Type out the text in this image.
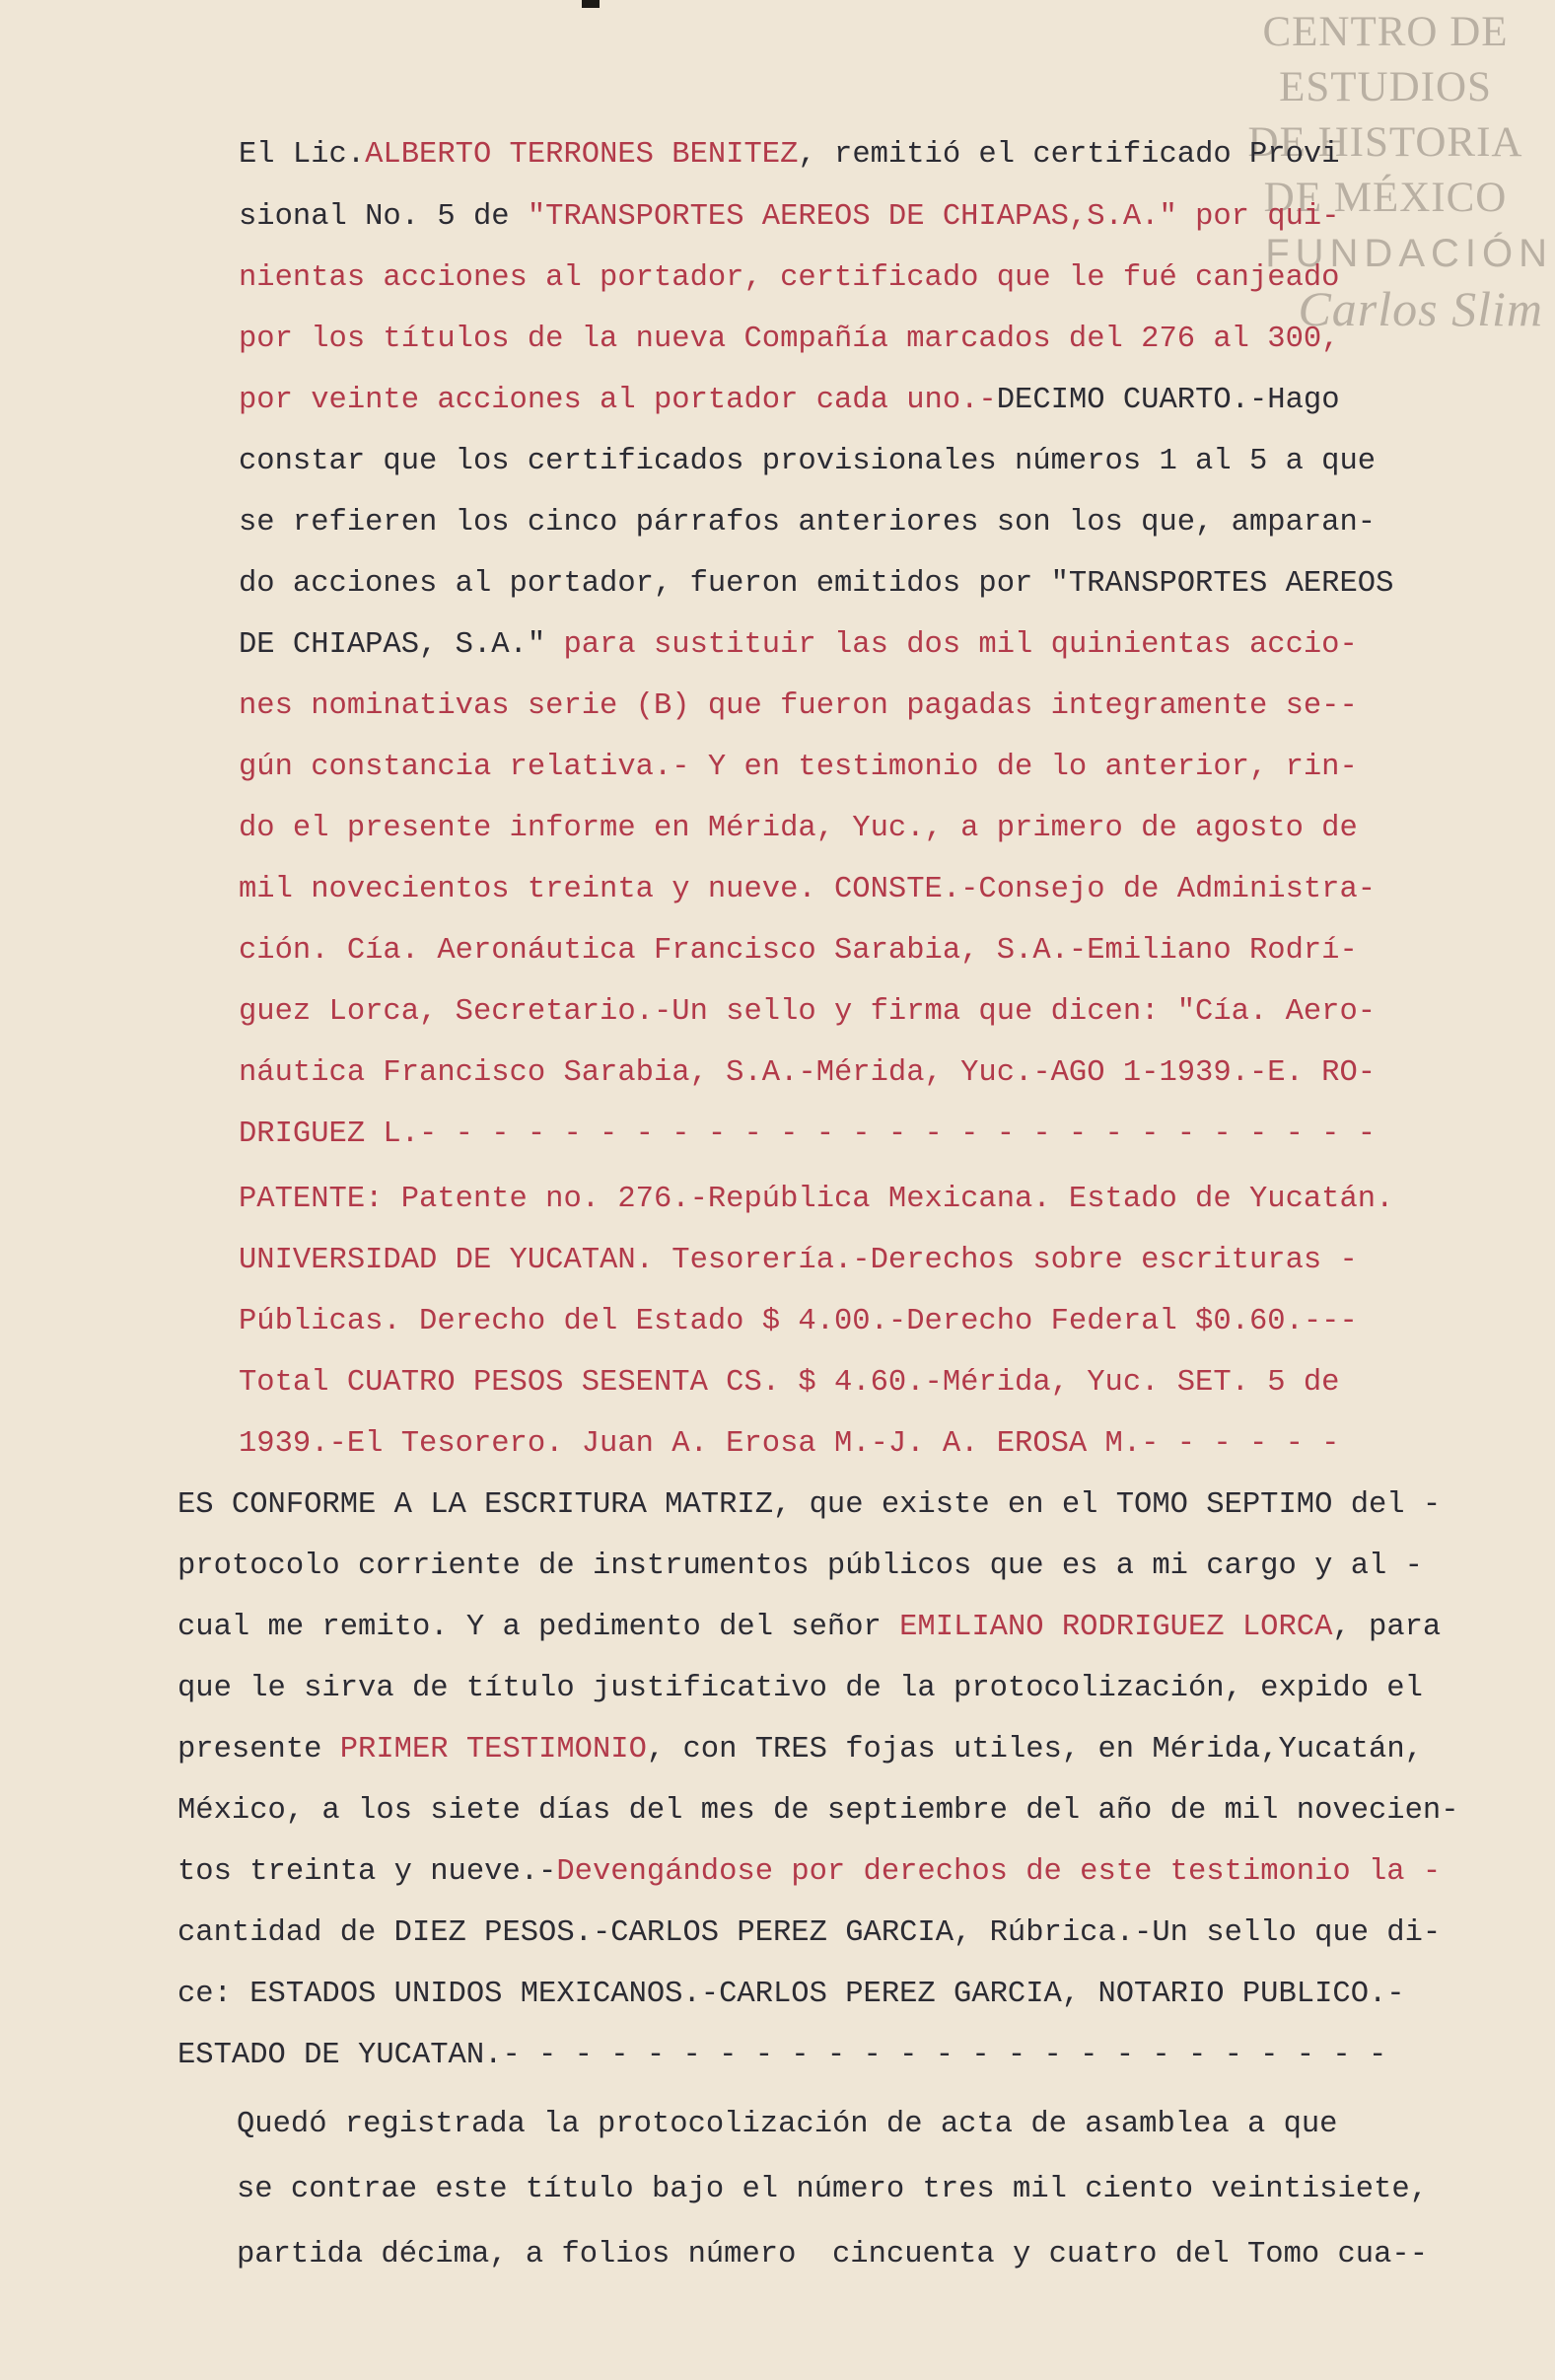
CENTRO DE
ESTUDIOS
DE HISTORIA
DE MÉXICO
FUNDACIÓN
Carlos Slim

El Lic.ALBERTO TERRONES BENITEZ, remitió el certificado Provi

sional No. 5 de "TRANSPORTES AEREOS DE CHIAPAS,S.A." por qui-

nientas acciones al portador, certificado que le fué canjeado

por los títulos de la nueva Compañía marcados del 276 al 300,

por veinte acciones al portador cada uno.-DECIMO CUARTO.-Hago

constar que los certificados provisionales números 1 al 5 a que

se refieren los cinco párrafos anteriores son los que, amparan-

do acciones al portador, fueron emitidos por "TRANSPORTES AEREOS

DE CHIAPAS, S.A." para sustituir las dos mil quinientas accio-

nes nominativas serie (B) que fueron pagadas integramente se--

gún constancia relativa.- Y en testimonio de lo anterior, rin-

do el presente informe en Mérida, Yuc., a primero de agosto de

mil novecientos treinta y nueve. CONSTE.-Consejo de Administra-

ción. Cía. Aeronáutica Francisco Sarabia, S.A.-Emiliano Rodrí-

guez Lorca, Secretario.-Un sello y firma que dicen: "Cía. Aero-

náutica Francisco Sarabia, S.A.-Mérida, Yuc.-AGO 1-1939.-E. RO-

DRIGUEZ L.- - - - - - - - - - - - - - - - - - - - - - - - - - -

PATENTE: Patente no. 276.-República Mexicana. Estado de Yucatán.

UNIVERSIDAD DE YUCATAN. Tesorería.-Derechos sobre escrituras -

Públicas. Derecho del Estado $ 4.00.-Derecho Federal $0.60.---

Total CUATRO PESOS SESENTA CS. $ 4.60.-Mérida, Yuc. SET. 5 de

1939.-El Tesorero. Juan A. Erosa M.-J. A. EROSA M.- - - - - -

ES CONFORME A LA ESCRITURA MATRIZ, que existe en el TOMO SEPTIMO del -

protocolo corriente de instrumentos públicos que es a mi cargo y al -

cual me remito. Y a pedimento del señor EMILIANO RODRIGUEZ LORCA, para

que le sirva de título justificativo de la protocolización, expido el

presente PRIMER TESTIMONIO, con TRES fojas utiles, en Mérida,Yucatán,

México, a los siete días del mes de septiembre del año de mil novecien-

tos treinta y nueve.-Devengándose por derechos de este testimonio la -

cantidad de DIEZ PESOS.-CARLOS PEREZ GARCIA, Rúbrica.-Un sello que di-

ce: ESTADOS UNIDOS MEXICANOS.-CARLOS PEREZ GARCIA, NOTARIO PUBLICO.-

ESTADO DE YUCATAN.- - - - - - - - - - - - - - - - - - - - - - - - -

Quedó registrada la protocolización de acta de asamblea a que

se contrae este título bajo el número tres mil ciento veintisiete,

partida décima, a folios número  cincuenta y cuatro del Tomo cua--
